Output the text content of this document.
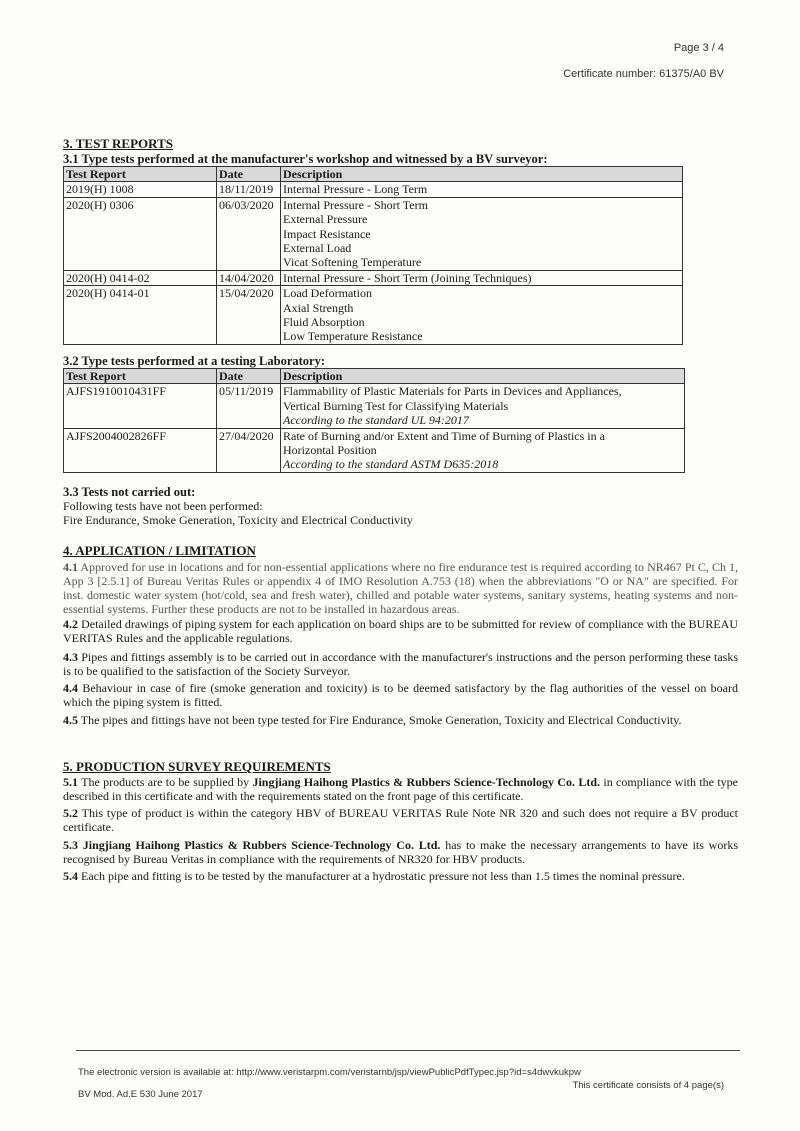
Page 3 / 4
Certificate number: 61375/A0 BV
3. TEST REPORTS
3.1 Type tests performed at the manufacturer's workshop and witnessed by a BV surveyor:
Test Report	Date	Description
2019(H) 1008	18/11/2019	Internal Pressure - Long Term

2020(H) 0306	06/03/2020	Internal Pressure - Short Term
External Pressure
Impact Resistance
External Load
Vicat Softening Temperature

2020(H) 0414-02	14/04/2020	Internal Pressure - Short Term (Joining Techniques)

2020(H) 0414-01	15/04/2020	Load Deformation
Axial Strength
Fluid Absorption
Low Temperature Resistance
3.2 Type tests performed at a testing Laboratory:
Test Report	Date	Description
AJFS1910010431FF	05/11/2019	Flammability of Plastic Materials for Parts in Devices and Appliances,
Vertical Burning Test for Classifying Materials
According to the standard UL 94:2017

AJFS2004002826FF	27/04/2020	Rate of Burning and/or Extent and Time of Burning of Plastics in a
Horizontal Position
According to the standard ASTM D635:2018
3.3 Tests not carried out:
Following tests have not been performed:
Fire Endurance, Smoke Generation, Toxicity and Electrical Conductivity
4. APPLICATION / LIMITATION
4.1 Approved for use in locations and for non-essential applications where no fire endurance test is required according to NR467 Pt C, Ch 1, App 3 [2.5.1] of Bureau Veritas Rules or appendix 4 of IMO Resolution A.753 (18) when the abbreviations "O or NA" are specified. For inst. domestic water system (hot/cold, sea and fresh water), chilled and potable water systems, sanitary systems, heating systems and non-essential systems. Further these products are not to be installed in hazardous areas.
4.2 Detailed drawings of piping system for each application on board ships are to be submitted for review of compliance with the BUREAU VERITAS Rules and the applicable regulations.
4.3 Pipes and fittings assembly is to be carried out in accordance with the manufacturer's instructions and the person performing these tasks is to be qualified to the satisfaction of the Society Surveyor.
4.4 Behaviour in case of fire (smoke generation and toxicity) is to be deemed satisfactory by the flag authorities of the vessel on board which the piping system is fitted.
4.5 The pipes and fittings have not been type tested for Fire Endurance, Smoke Generation, Toxicity and Electrical Conductivity.
5. PRODUCTION SURVEY REQUIREMENTS
5.1 The products are to be supplied by Jingjiang Haihong Plastics & Rubbers Science-Technology Co. Ltd. in compliance with the type described in this certificate and with the requirements stated on the front page of this certificate.
5.2 This type of product is within the category HBV of BUREAU VERITAS Rule Note NR 320 and such does not require a BV product certificate.
5.3 Jingjiang Haihong Plastics & Rubbers Science-Technology Co. Ltd. has to make the necessary arrangements to have its works recognised by Bureau Veritas in compliance with the requirements of NR320 for HBV products.
5.4 Each pipe and fitting is to be tested by the manufacturer at a hydrostatic pressure not less than 1.5 times the nominal pressure.
The electronic version is available at: http://www.veristarpm.com/veristarnb/jsp/viewPublicPdfTypec.jsp?id=s4dwvkukpw
BV Mod. Ad.E 530 June 2017
This certificate consists of 4 page(s)
